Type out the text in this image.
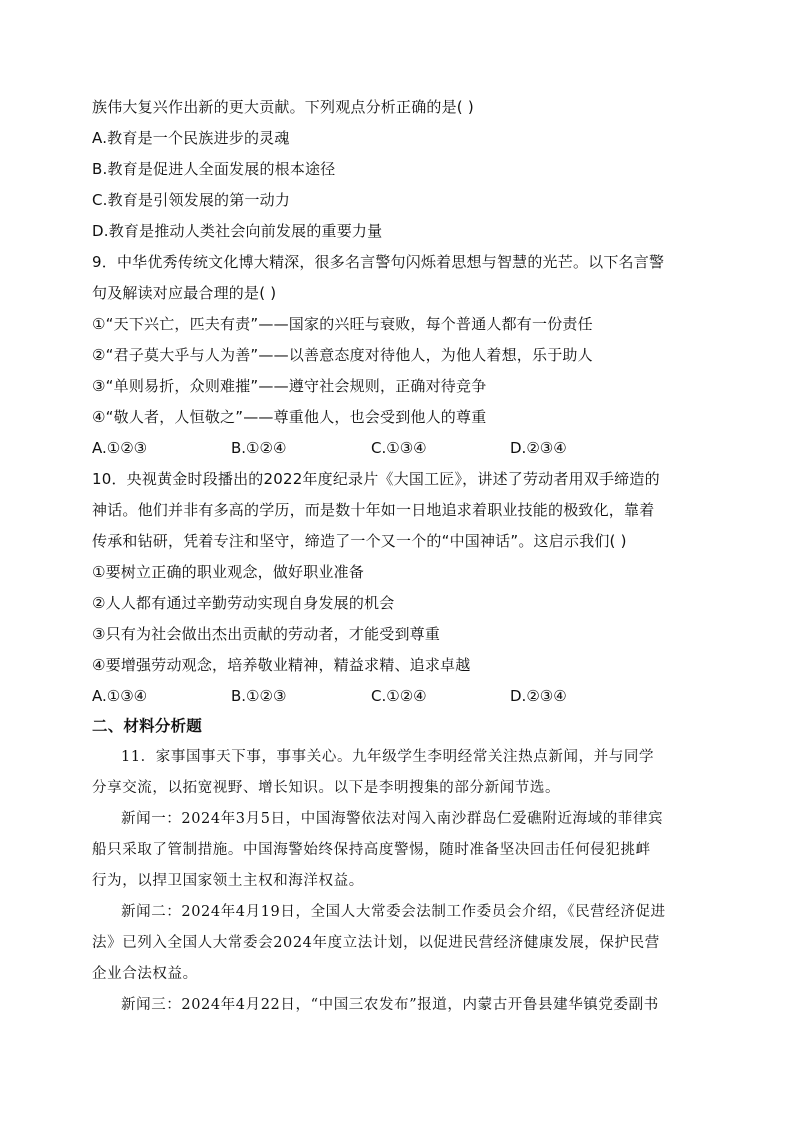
族伟大复兴作出新的更大贡献。下列观点分析正确的是( )
A.教育是一个民族进步的灵魂
B.教育是促进人全面发展的根本途径
C.教育是引领发展的第一动力
D.教育是推动人类社会向前发展的重要力量
9．中华优秀传统文化博大精深，很多名言警句闪烁着思想与智慧的光芒。以下名言警
句及解读对应最合理的是( )
①“天下兴亡，匹夫有责”——国家的兴旺与衰败，每个普通人都有一份责任
②“君子莫大乎与人为善”——以善意态度对待他人，为他人着想，乐于助人
③“单则易折，众则难摧”——遵守社会规则，正确对待竞争
④“敬人者，人恒敬之”——尊重他人，也会受到他人的尊重
A.①②③	B.①②④	C.①③④	D.②③④
10．央视黄金时段播出的2022年度纪录片《大国工匠》，讲述了劳动者用双手缔造的
神话。他们并非有多高的学历，而是数十年如一日地追求着职业技能的极致化，靠着
传承和钻研，凭着专注和坚守，缔造了一个又一个的“中国神话”。这启示我们( )
①要树立正确的职业观念，做好职业准备
②人人都有通过辛勤劳动实现自身发展的机会
③只有为社会做出杰出贡献的劳动者，才能受到尊重
④要增强劳动观念，培养敬业精神，精益求精、追求卓越
A.①③④	B.①②③	C.①②④	D.②③④
二、材料分析题
11．家事国事天下事，事事关心。九年级学生李明经常关注热点新闻，并与同学
分享交流，以拓宽视野、增长知识。以下是李明搜集的部分新闻节选。
新闻一：2024年3月5日，中国海警依法对闯入南沙群岛仁爱礁附近海域的菲律宾
船只采取了管制措施。中国海警始终保持高度警惕，随时准备坚决回击任何侵犯挑衅
行为，以捍卫国家领土主权和海洋权益。
新闻二：2024年4月19日，全国人大常委会法制工作委员会介绍，《民营经济促进
法》已列入全国人大常委会2024年度立法计划，以促进民营经济健康发展，保护民营
企业合法权益。
新闻三：2024年4月22日，“中国三农发布”报道，内蒙古开鲁县建华镇党委副书
